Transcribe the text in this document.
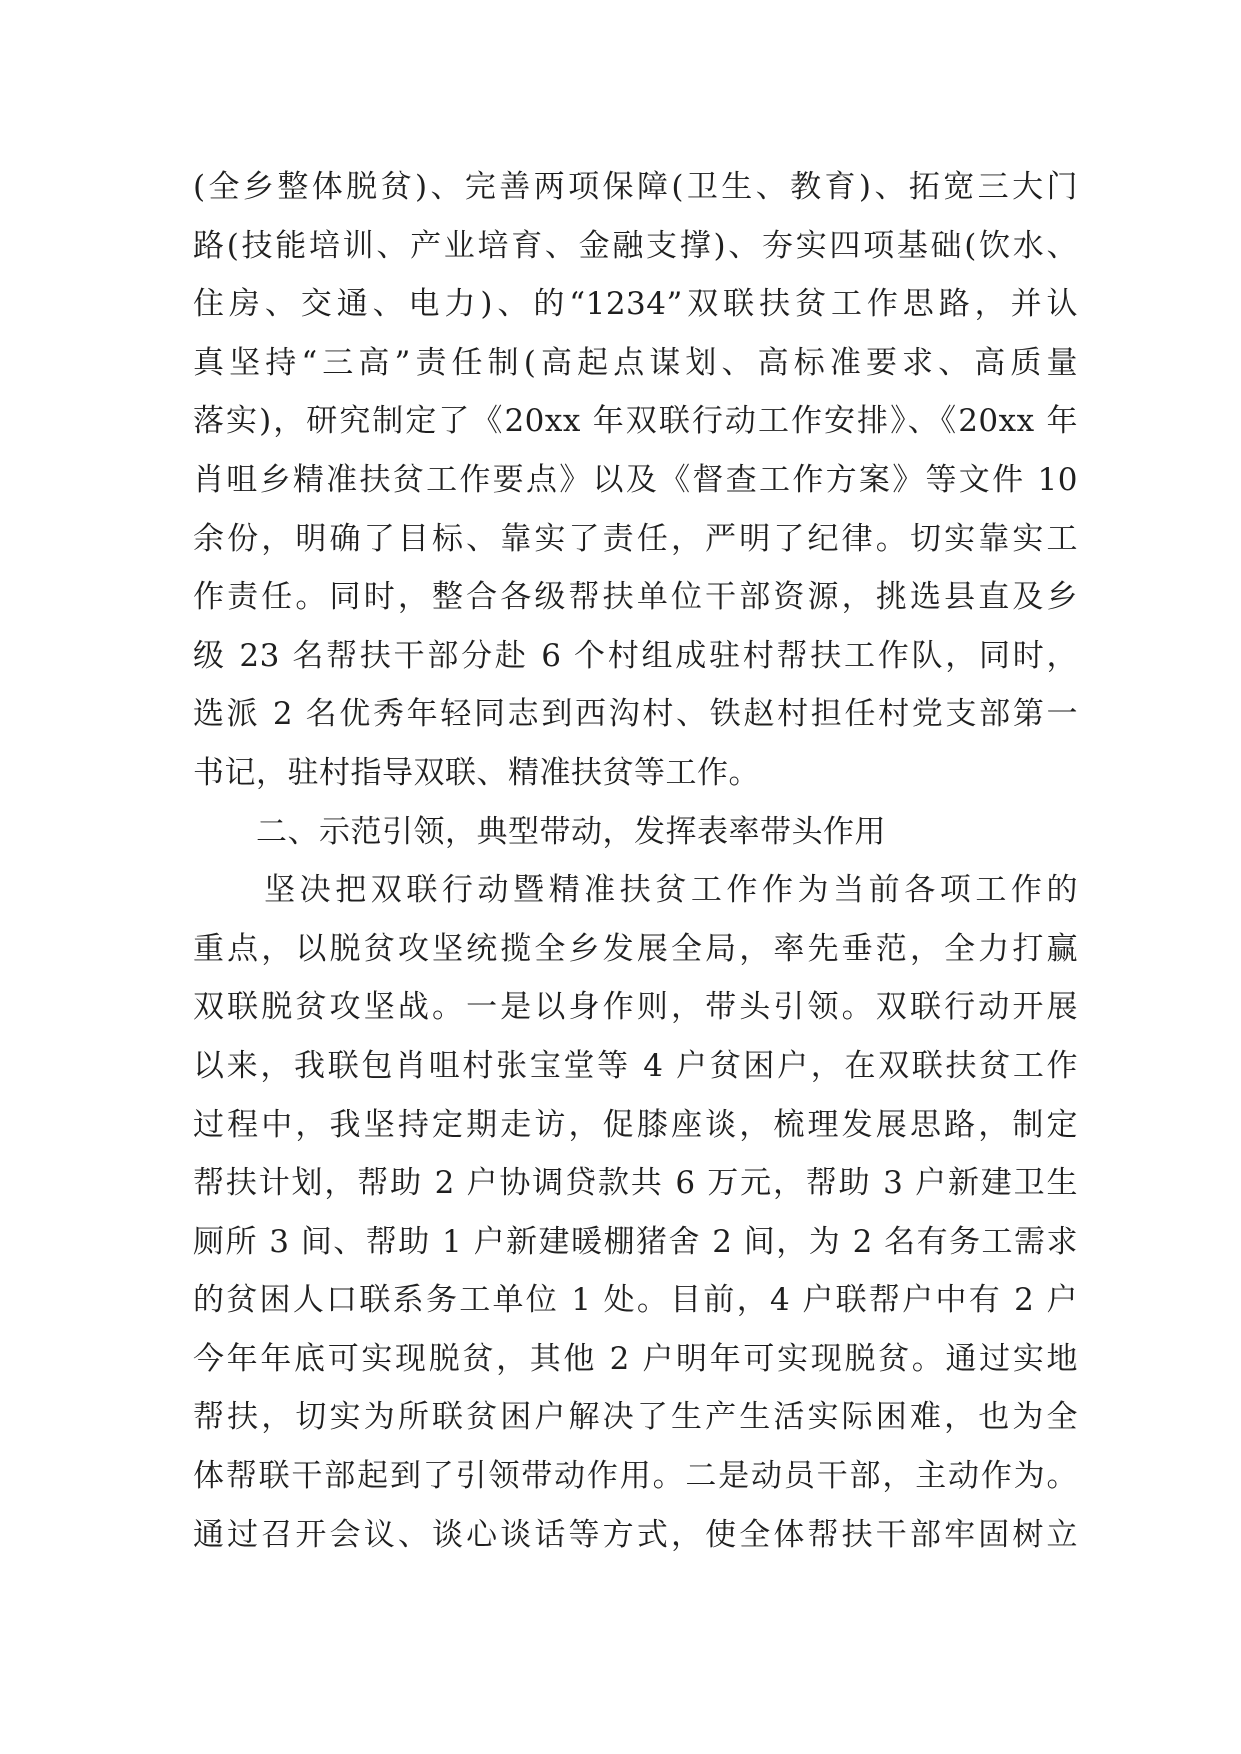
(全乡整体脱贫)、完善两项保障(卫生、教育)、拓宽三大门
路(技能培训、产业培育、金融支撑)、夯实四项基础(饮水、
住房、交通、电力)、的“1234”双联扶贫工作思路，并认
真坚持“三高”责任制(高起点谋划、高标准要求、高质量
落实)，研究制定了《20xx 年双联行动工作安排》、《20xx 年
肖咀乡精准扶贫工作要点》以及《督查工作方案》等文件 10
余份，明确了目标、靠实了责任，严明了纪律。切实靠实工
作责任。同时，整合各级帮扶单位干部资源，挑选县直及乡
级 23 名帮扶干部分赴 6 个村组成驻村帮扶工作队，同时，
选派 2 名优秀年轻同志到西沟村、铁赵村担任村党支部第一
书记，驻村指导双联、精准扶贫等工作。
　　二、示范引领，典型带动，发挥表率带头作用
　　坚决把双联行动暨精准扶贫工作作为当前各项工作的
重点，以脱贫攻坚统揽全乡发展全局，率先垂范，全力打赢
双联脱贫攻坚战。一是以身作则，带头引领。双联行动开展
以来，我联包肖咀村张宝堂等 4 户贫困户，在双联扶贫工作
过程中，我坚持定期走访，促膝座谈，梳理发展思路，制定
帮扶计划，帮助 2 户协调贷款共 6 万元，帮助 3 户新建卫生
厕所 3 间、帮助 1 户新建暖棚猪舍 2 间，为 2 名有务工需求
的贫困人口联系务工单位 1 处。目前，4 户联帮户中有 2 户
今年年底可实现脱贫，其他 2 户明年可实现脱贫。通过实地
帮扶，切实为所联贫困户解决了生产生活实际困难，也为全
体帮联干部起到了引领带动作用。二是动员干部，主动作为。
通过召开会议、谈心谈话等方式，使全体帮扶干部牢固树立
